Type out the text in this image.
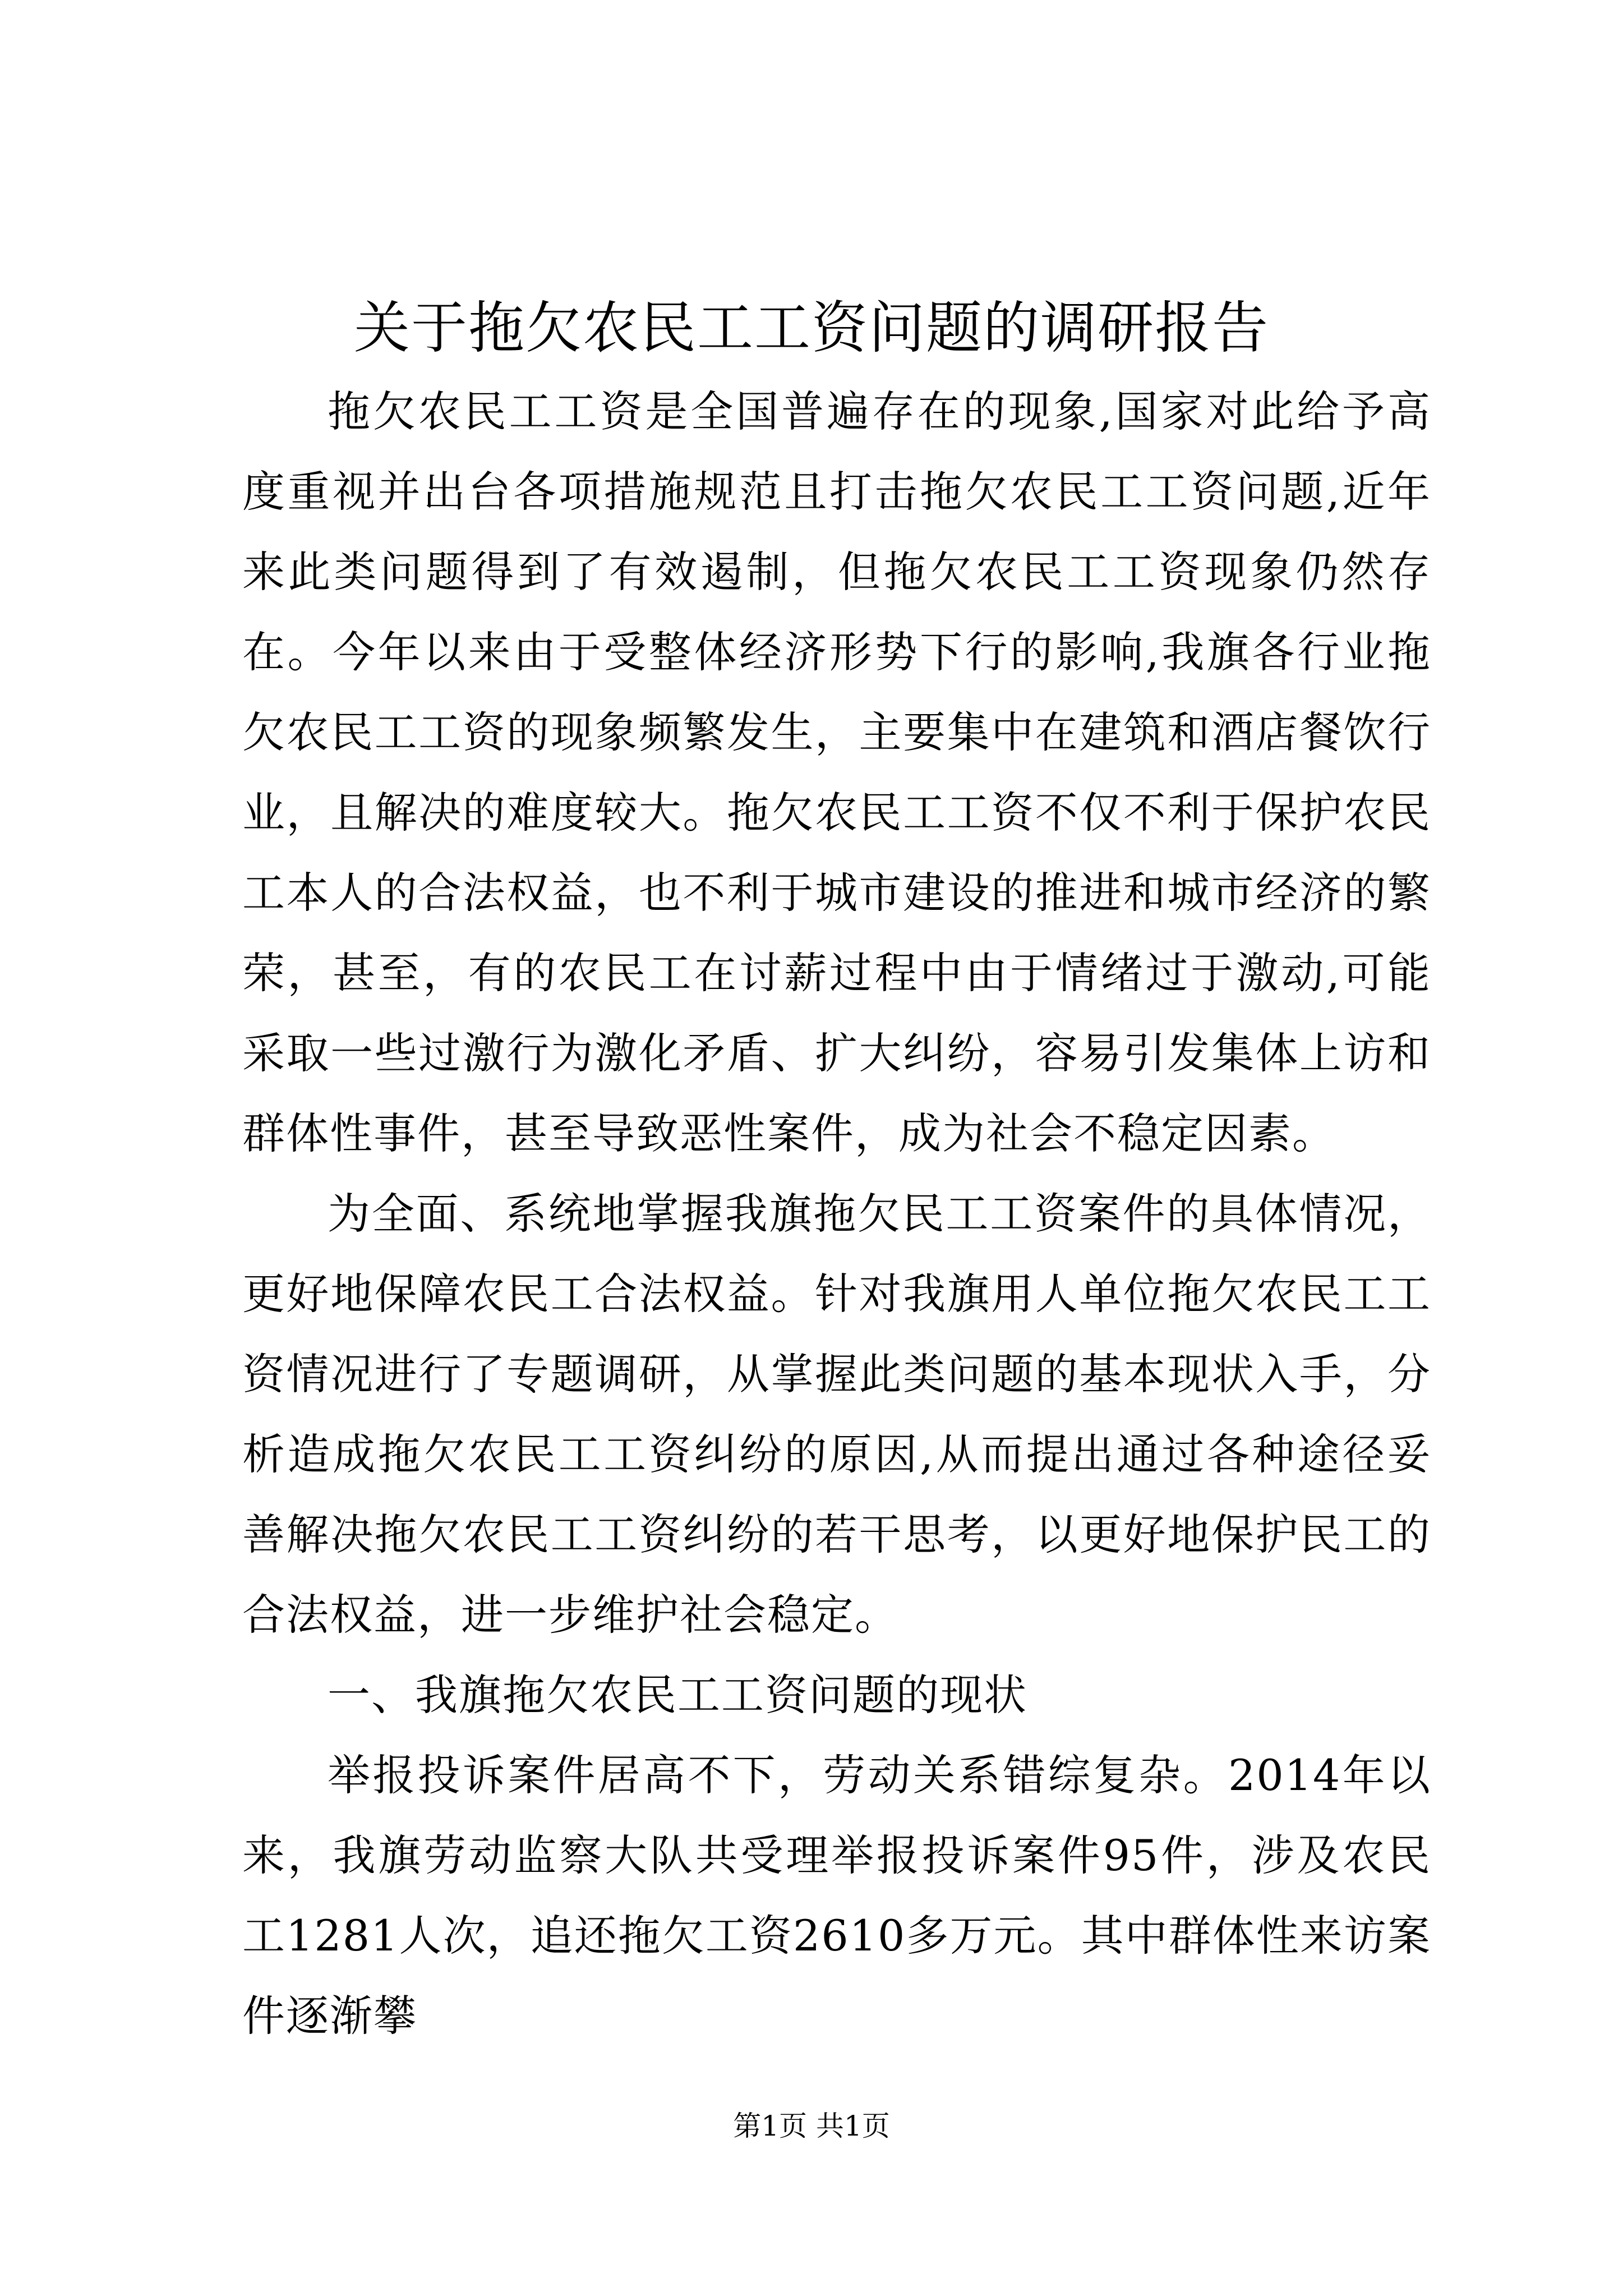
关于拖欠农民工工资问题的调研报告

拖欠农民工工资是全国普遍存在的现象,国家对此给予高度重视并出台各项措施规范且打击拖欠农民工工资问题,近年来此类问题得到了有效遏制，但拖欠农民工工资现象仍然存在。今年以来由于受整体经济形势下行的影响,我旗各行业拖欠农民工工资的现象频繁发生，主要集中在建筑和酒店餐饮行业，且解决的难度较大。拖欠农民工工资不仅不利于保护农民工本人的合法权益，也不利于城市建设的推进和城市经济的繁荣，甚至，有的农民工在讨薪过程中由于情绪过于激动,可能采取一些过激行为激化矛盾、扩大纠纷，容易引发集体上访和群体性事件，甚至导致恶性案件，成为社会不稳定因素。

为全面、系统地掌握我旗拖欠民工工资案件的具体情况，更好地保障农民工合法权益。针对我旗用人单位拖欠农民工工资情况进行了专题调研，从掌握此类问题的基本现状入手，分析造成拖欠农民工工资纠纷的原因,从而提出通过各种途径妥善解决拖欠农民工工资纠纷的若干思考，以更好地保护民工的合法权益，进一步维护社会稳定。

一、我旗拖欠农民工工资问题的现状

举报投诉案件居高不下，劳动关系错综复杂。2014年以来，我旗劳动监察大队共受理举报投诉案件95件，涉及农民工1281人次，追还拖欠工资2610多万元。其中群体性来访案件逐渐攀

第1页 共1页
